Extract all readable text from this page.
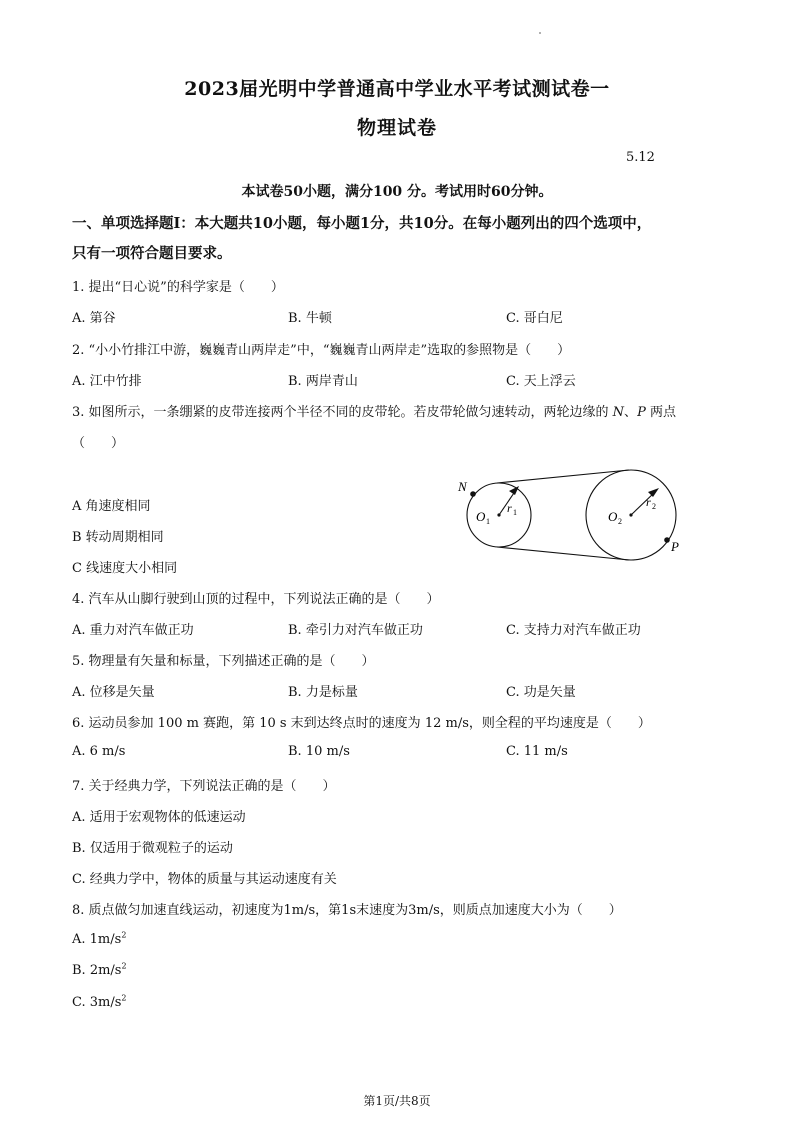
2023届光明中学普通高中学业水平考试测试卷一
物理试卷
5.12
本试卷50小题，满分100 分。考试用时60分钟。
一、单项选择题Ⅰ：本大题共10小题，每小题1分，共10分。在每小题列出的四个选项中，
只有一项符合题目要求。
1. 提出“日心说”的科学家是（　　）
A. 第谷	B. 牛顿	C. 哥白尼
2. “小小竹排江中游，巍巍青山两岸走”中，“巍巍青山两岸走”选取的参照物是（　　）
A. 江中竹排	B. 两岸青山	C. 天上浮云
3. 如图所示，一条绷紧的皮带连接两个半径不同的皮带轮。若皮带轮做匀速转动，两轮边缘的 N、P 两点
（　　）
A 角速度相同
B 转动周期相同
C 线速度大小相同
N
P
O 1	O 2
r 1
r 2
4. 汽车从山脚行驶到山顶的过程中，下列说法正确的是（　　）
A. 重力对汽车做正功	B. 牵引力对汽车做正功	C. 支持力对汽车做正功
5. 物理量有矢量和标量，下列描述正确的是（　　）
A. 位移是矢量	B. 力是标量	C. 功是矢量
6. 运动员参加 100 m 赛跑，第 10 s 末到达终点时的速度为 12 m/s，则全程的平均速度是（　　）
A. 6 m/s	B. 10 m/s	C. 11 m/s
7. 关于经典力学，下列说法正确的是（　　）
A. 适用于宏观物体的低速运动
B. 仅适用于微观粒子的运动
C. 经典力学中，物体的质量与其运动速度有关
8. 质点做匀加速直线运动，初速度为1m/s，第1s末速度为3m/s，则质点加速度大小为（　　）
A. $1m/s^2$
B. $2m/s^2$
C. $3m/s^2$
第1页/共8页
